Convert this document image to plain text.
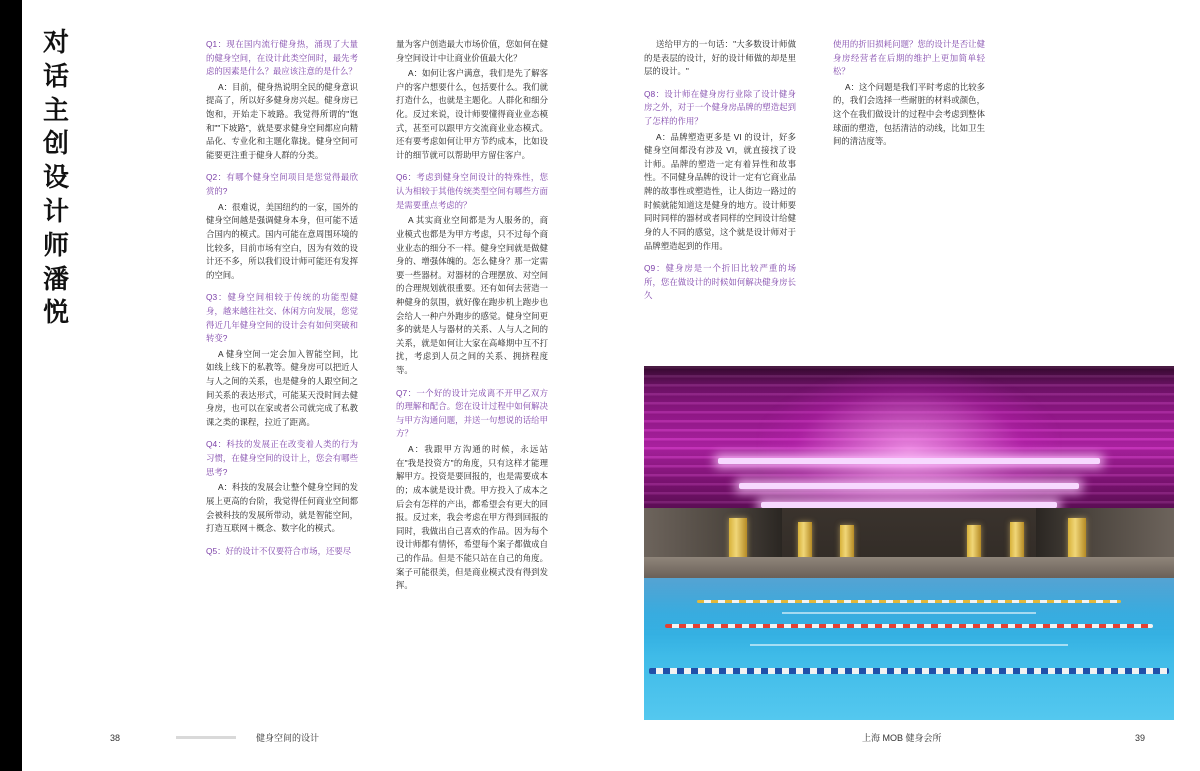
对
话
主
创
设
计
师
潘
悦

Q1：现在国内流行健身热，涌现了大量的健身空间，在设计此类空间时，最先考虑的因素是什么？最应该注意的是什么？

A：目前，健身热说明全民的健身意识提高了，所以好多健身房兴起。健身房已饱和，开始走下坡路。我觉得所谓的"饱和""下坡路"，就是要求健身空间都应向精品化、专业化和主题化靠拢。健身空间可能要更注重于健身人群的分类。

Q2：有哪个健身空间项目是您觉得最欣赏的?

A：很难说，美国纽约的一家，国外的健身空间越是强调健身本身，但可能不适合国内的模式。国内可能在意周围环境的比较多，目前市场有空白，因为有效的设计还不多，所以我们设计师可能还有发挥的空间。

Q3：健身空间相较于传统的功能型健身，越来越往社交、休闲方向发展，您觉得近几年健身空间的设计会有如何突破和转变?

A 健身空间一定会加入智能空间，比如线上线下的私教等。健身房可以把近人与人之间的关系，也是健身的人跟空间之间关系的表达形式，可能某天没时间去健身房，也可以在家或者公司就完成了私教课之类的课程，拉近了距离。

Q4：科技的发展正在改变着人类的行为习惯，在健身空间的设计上，您会有哪些思考?

A：科技的发展会让整个健身空间的发展上更高的台阶，我觉得任何商业空间都会被科技的发展所带动，就是智能空间，打造互联网＋概念、数字化的模式。

Q5：好的设计不仅要符合市场，还要尽

量为客户创造最大市场价值，您如何在健身空间设计中让商业价值最大化？

A：如何让客户满意，我们是先了解客户的客户想要什么，包括要什么。我们就打造什么，也就是主题化。人群化和细分化。反过来说，设计师要懂得商业业态模式，甚至可以跟甲方交流商业业态模式。还有要考虑如何让甲方节约成本，比如设计的细节就可以帮助甲方留住客户。

Q6：考虑到健身空间设计的特殊性，您认为相较于其他传统类型空间有哪些方面是需要重点考虑的？

A 其实商业空间都是为人服务的，商业模式也都是为甲方考虑，只不过每个商业业态的细分不一样。健身空间就是做健身的、增强体魄的。怎么健身？那一定需要一些器材。对器材的合理摆放、对空间的合理规划就很重要。还有如何去营造一种健身的氛围，就好像在跑步机上跑步也会给人一种户外跑步的感觉。健身空间更多的就是人与器材的关系、人与人之间的关系，就是如何让大家在高峰期中互不打扰，考虑到人员之间的关系、拥挤程度等。

Q7：一个好的设计完成离不开甲乙双方的理解和配合。您在设计过程中如何解决与甲方沟通问题，并送一句想说的话给甲方？

A：我跟甲方沟通的时候，永远站在"我是投资方"的角度，只有这样才能理解甲方。投资是要回报的，也是需要成本的；成本就是设计费。甲方投入了成本之后会有怎样的产出，都希望会有更大的回报。反过来，我会考虑在甲方得到回报的同时，我做出自己喜欢的作品。因为每个设计师都有情怀，希望每个案子都做成自己的作品。但是不能只站在自己的角度。案子可能很美，但是商业模式没有得到发挥。

送给甲方的一句话："大多数设计师做的是表层的设计，好的设计师做的却是里层的设计。"

Q8：设计师在健身房行业除了设计健身房之外，对于一个健身房品牌的塑造起到了怎样的作用？

A：品牌塑造更多是 VI 的设计，好多健身空间都没有涉及 VI，就直接找了设计师。品牌的塑造一定有着异性和故事性。不同健身品牌的设计一定有它商业品牌的故事性或塑造性，让人街边一路过的时候就能知道这是健身的地方。设计师要同时同样的器材或者同样的空间设计给健身的人不同的感觉，这个就是设计师对于品牌塑造起到的作用。

Q9：健身房是一个折旧比较严重的场所，您在做设计的时候如何解决健身房长久

使用的折旧损耗问题？您的设计是否让健身房经营者在后期的维护上更加简单轻松？

A：这个问题是我们平时考虑的比较多的，我们会选择一些耐脏的材料或颜色，这个在我们做设计的过程中会考虑到整体球面的塑造，包括清洁的动线，比如卫生间的清洁度等。

38	健身空间的设计	上海 MOB 健身会所	39
